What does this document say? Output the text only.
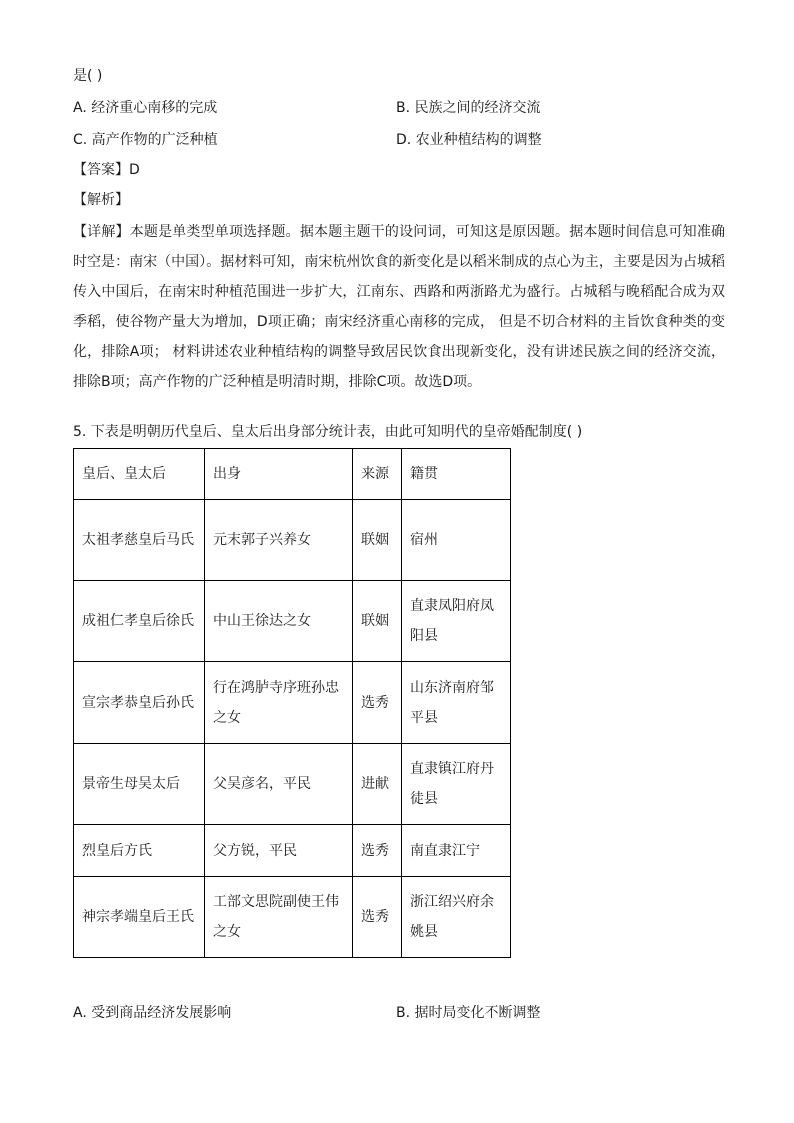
是( )
A. 经济重心南移的完成	B. 民族之间的经济交流
C. 高产作物的广泛种植	D. 农业种植结构的调整
【答案】D
【解析】
【详解】本题是单类型单项选择题。据本题主题干的设问词，可知这是原因题。据本题时间信息可知准确时空是：南宋（中国）。据材料可知，南宋杭州饮食的新变化是以稻米制成的点心为主，主要是因为占城稻传入中国后，在南宋时种植范围进一步扩大，江南东、西路和两浙路尤为盛行。占城稻与晚稻配合成为双季稻，使谷物产量大为增加，D项正确；南宋经济重心南移的完成， 但是不切合材料的主旨饮食种类的变化，排除A项； 材料讲述农业种植结构的调整导致居民饮食出现新变化，没有讲述民族之间的经济交流，排除B项；高产作物的广泛种植是明清时期，排除C项。故选D项。
5. 下表是明朝历代皇后、皇太后出身部分统计表，由此可知明代的皇帝婚配制度( )
皇后、皇太后	出身	来源	籍贯
太祖孝慈皇后马氏	元末郭子兴养女	联姻	宿州
成祖仁孝皇后徐氏	中山王徐达之女	联姻	直隶凤阳府凤阳县
宣宗孝恭皇后孙氏	行在鸿胪寺序班孙忠之女	选秀	山东济南府邹平县
景帝生母吴太后	父吴彦名，平民	进献	直隶镇江府丹徒县
烈皇后方氏	父方锐，平民	选秀	南直隶江宁
神宗孝端皇后王氏	工部文思院副使王伟之女	选秀	浙江绍兴府余姚县
A. 受到商品经济发展影响	B. 据时局变化不断调整
